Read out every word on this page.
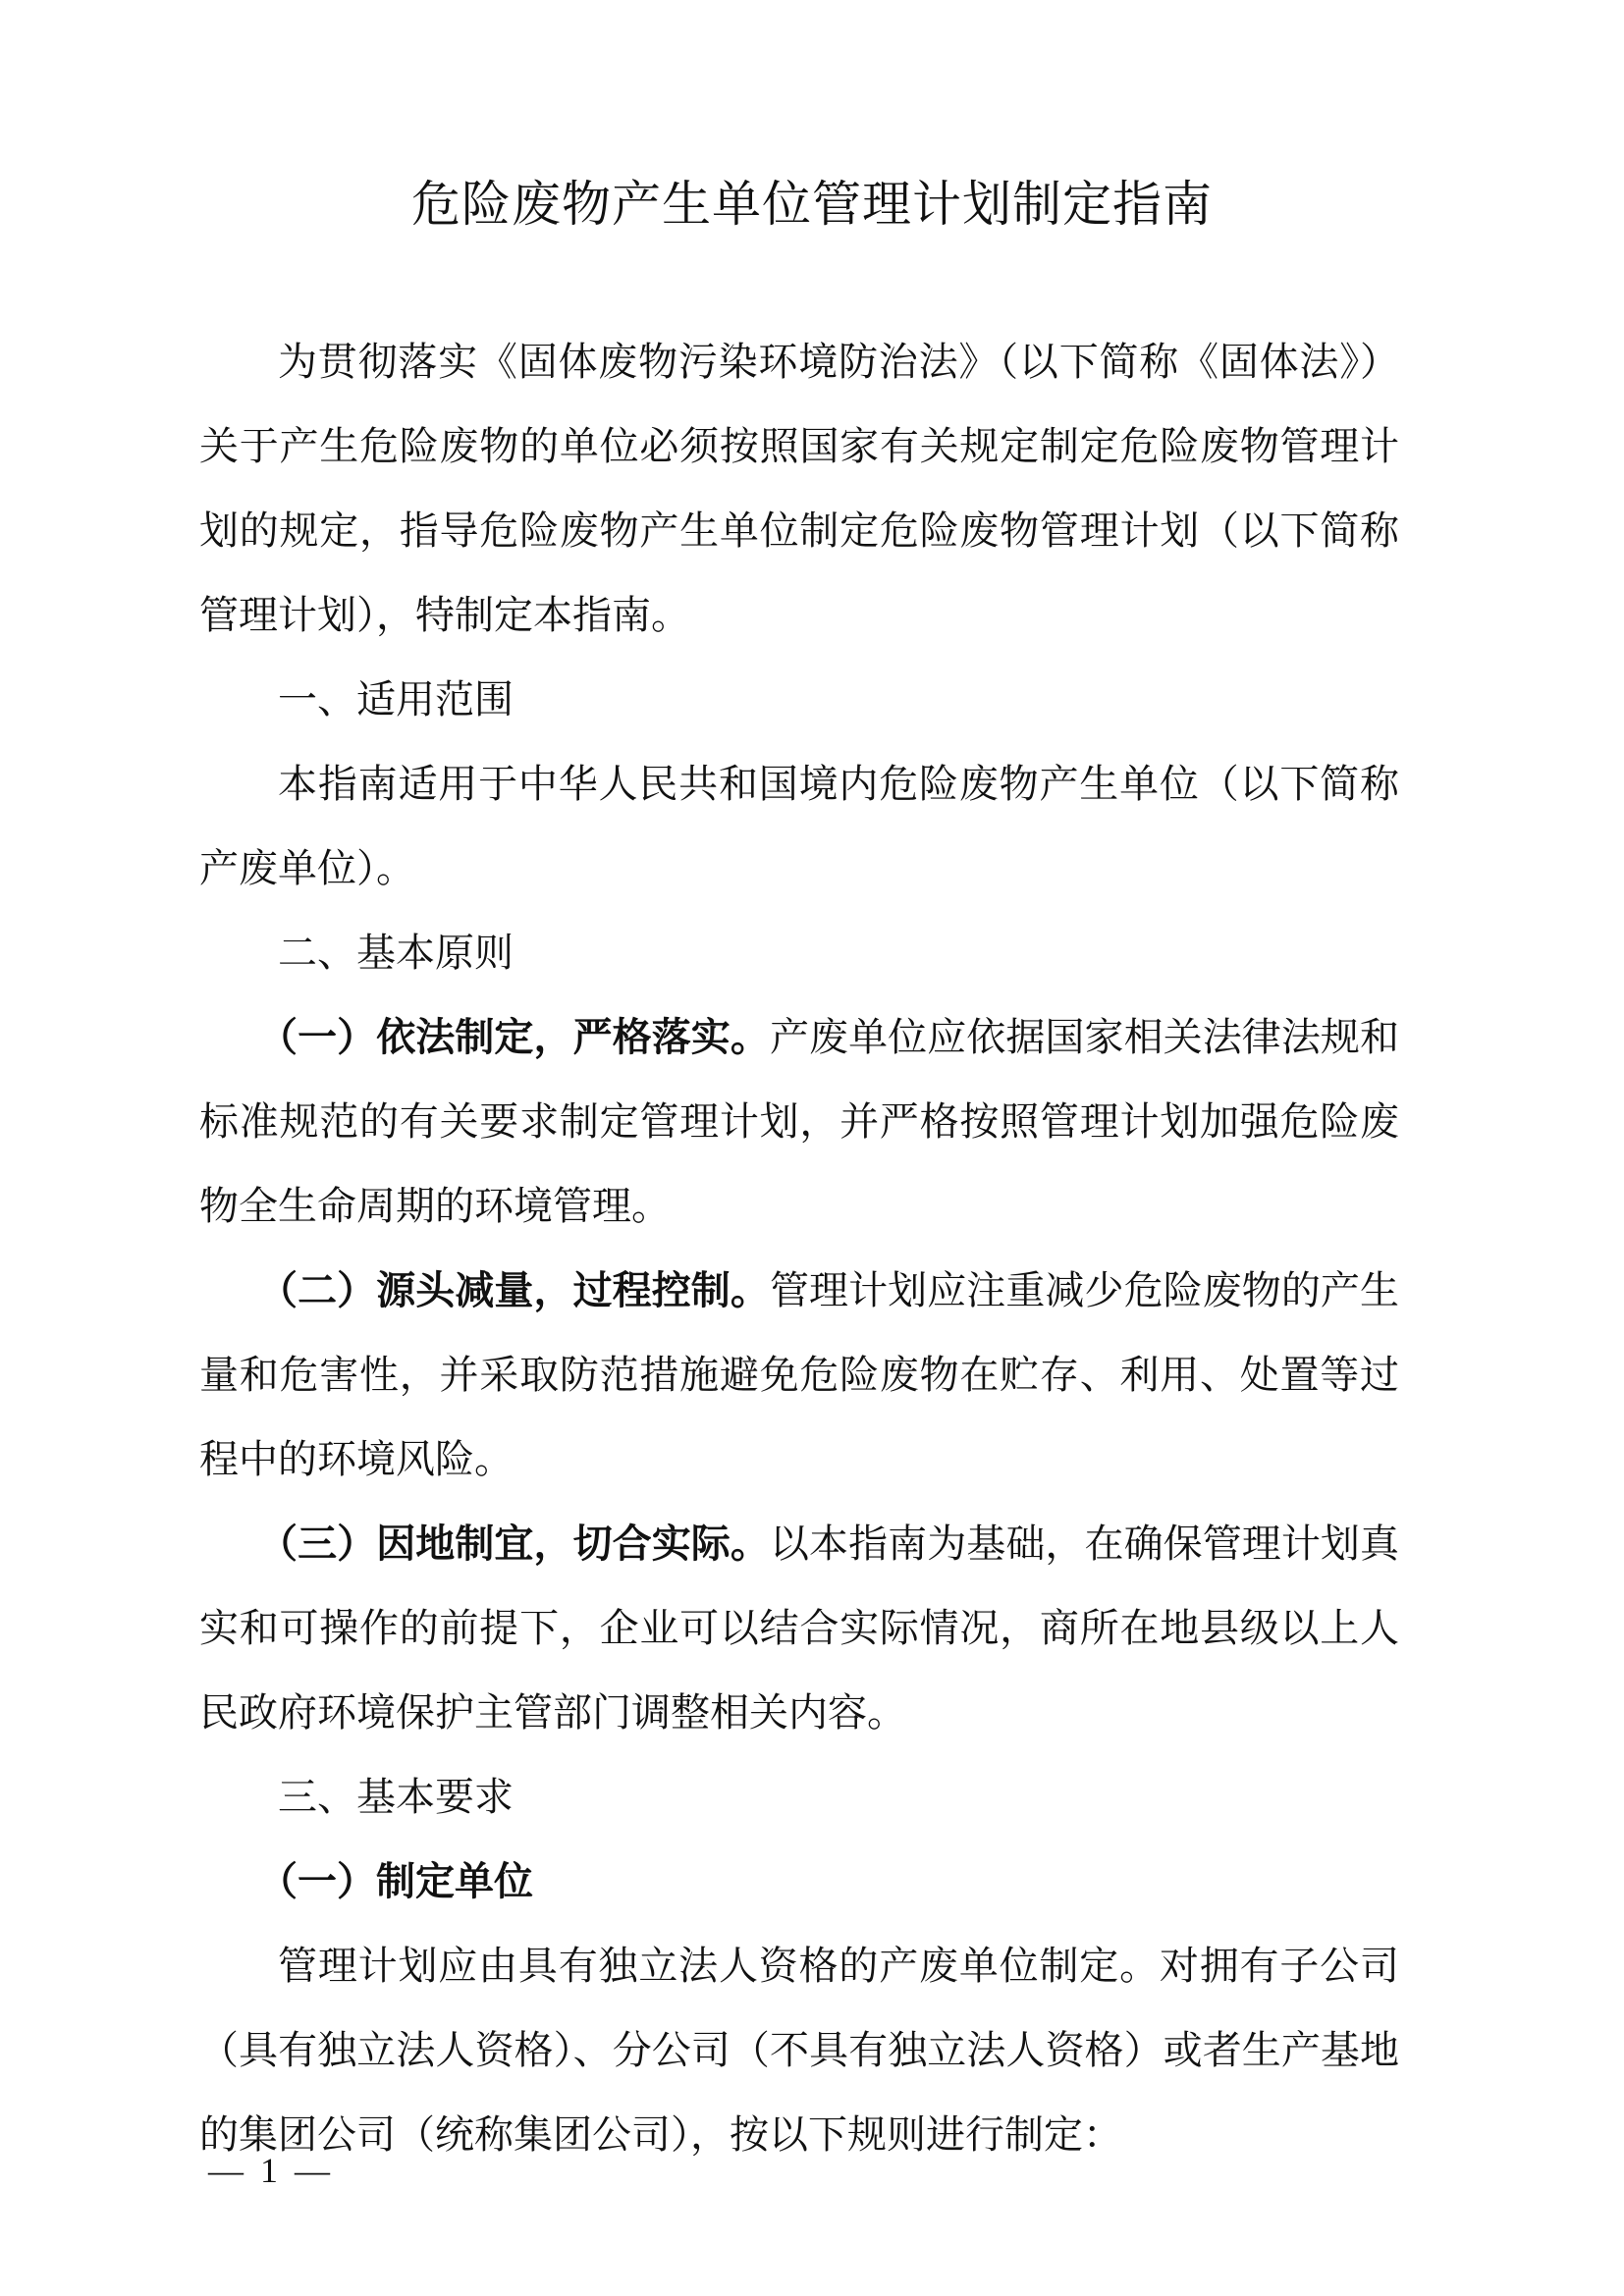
危险废物产生单位管理计划制定指南

为贯彻落实《固体废物污染环境防治法》（以下简称《固体法》）关于产生危险废物的单位必须按照国家有关规定制定危险废物管理计划的规定，指导危险废物产生单位制定危险废物管理计划（以下简称管理计划），特制定本指南。

一、适用范围

本指南适用于中华人民共和国境内危险废物产生单位（以下简称产废单位）。

二、基本原则

（一）依法制定，严格落实。产废单位应依据国家相关法律法规和标准规范的有关要求制定管理计划，并严格按照管理计划加强危险废物全生命周期的环境管理。

（二）源头减量，过程控制。管理计划应注重减少危险废物的产生量和危害性，并采取防范措施避免危险废物在贮存、利用、处置等过程中的环境风险。

（三）因地制宜，切合实际。以本指南为基础，在确保管理计划真实和可操作的前提下，企业可以结合实际情况，商所在地县级以上人民政府环境保护主管部门调整相关内容。

三、基本要求

（一）制定单位

管理计划应由具有独立法人资格的产废单位制定。对拥有子公司（具有独立法人资格）、分公司（不具有独立法人资格）或者生产基地的集团公司（统称集团公司），按以下规则进行制定：

— 1 —
